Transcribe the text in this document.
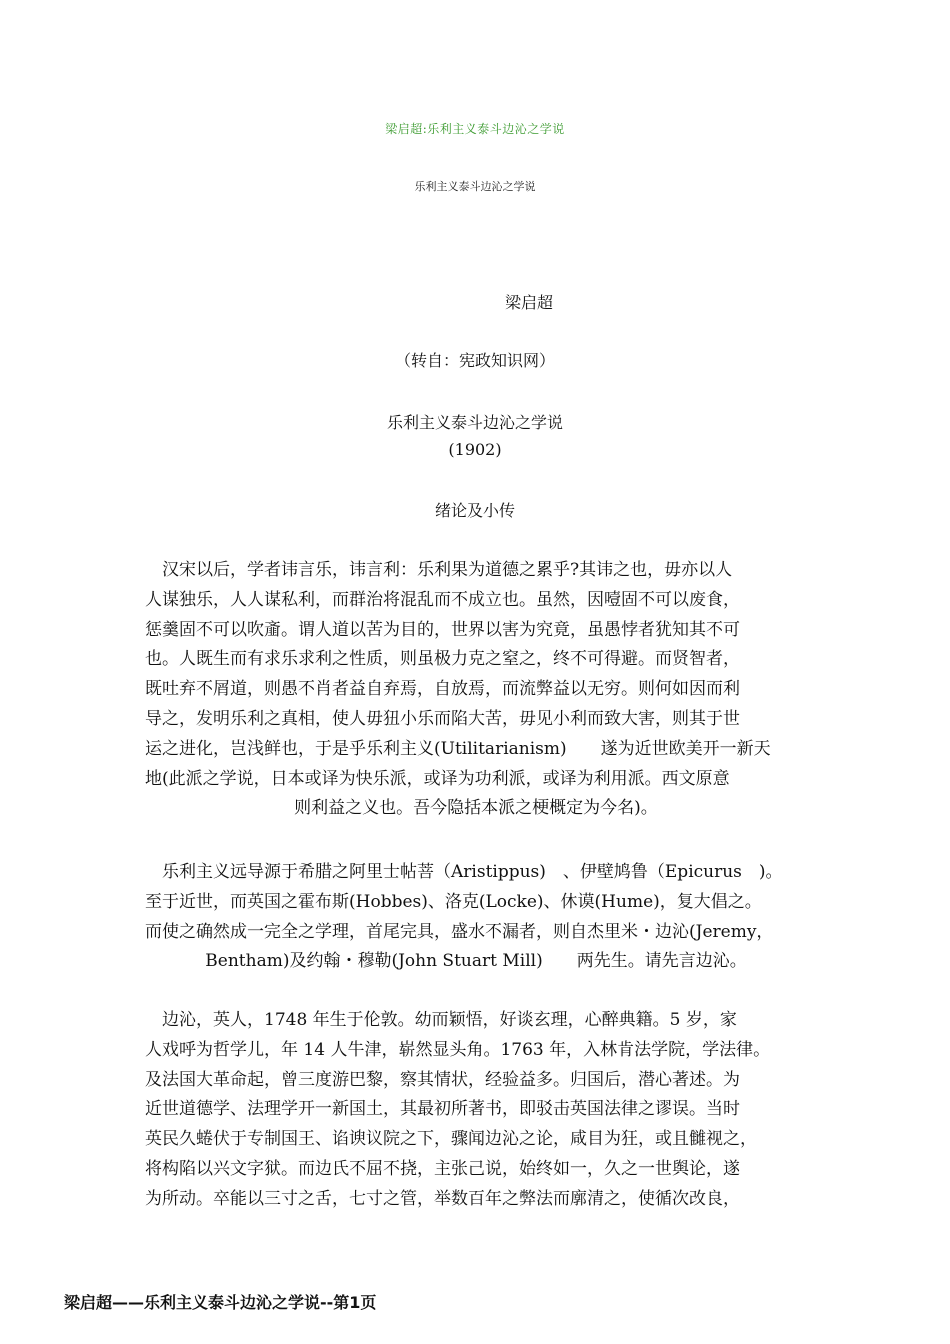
梁启超:乐利主义泰斗边沁之学说
乐利主义泰斗边沁之学说
梁启超
（转自：宪政知识网）
乐利主义泰斗边沁之学说
(1902)
绪论及小传
　汉宋以后，学者讳言乐，讳言利：乐利果为道德之累乎?其讳之也，毋亦以人
人谋独乐，人人谋私利，而群治将混乱而不成立也。虽然，因噎固不可以废食，
惩羹固不可以吹齑。谓人道以苦为目的，世界以害为究竟，虽愚悖者犹知其不可
也。人既生而有求乐求利之性质，则虽极力克之窒之，终不可得避。而贤智者，
既吐弃不屑道，则愚不肖者益自弃焉，自放焉，而流弊益以无穷。则何如因而利
导之，发明乐利之真相，使人毋狃小乐而陷大苦，毋见小利而致大害，则其于世
运之进化，岂浅鲜也，于是乎乐利主义(Utilitarianism)　　遂为近世欧美开一新天
地(此派之学说，日本或译为快乐派，或译为功利派，或译为利用派。西文原意
则利益之义也。吾今隐括本派之梗概定为今名)。
　乐利主义远导源于希腊之阿里士帖菩（Aristippus)　、伊壁鸠鲁（Epicurus　)。
至于近世，而英国之霍布斯(Hobbes)、洛克(Locke)、休谟(Hume)，复大倡之。
而使之确然成一完全之学理，首尾完具，盛水不漏者，则自杰里米・边沁(Jeremy，
Bentham)及约翰・穆勒(John Stuart Mill)　　两先生。请先言边沁。
　边沁，英人，1748 年生于伦敦。幼而颖悟，好谈玄理，心醉典籍。5 岁，家
人戏呼为哲学儿，年 14 人牛津，崭然显头角。1763 年，入林肯法学院，学法律。
及法国大革命起，曾三度游巴黎，察其情状，经验益多。归国后，潜心著述。为
近世道德学、法理学开一新国土，其最初所著书，即驳击英国法律之谬误。当时
英民久蜷伏于专制国王、谄谀议院之下，骤闻边沁之论，咸目为狂，或且雠视之，
将构陷以兴文字狱。而边氏不屈不挠，主张己说，始终如一，久之一世舆论，遂
为所动。卒能以三寸之舌，七寸之管，举数百年之弊法而廓清之，使循次改良，
梁启超——乐利主义泰斗边沁之学说--第1页
